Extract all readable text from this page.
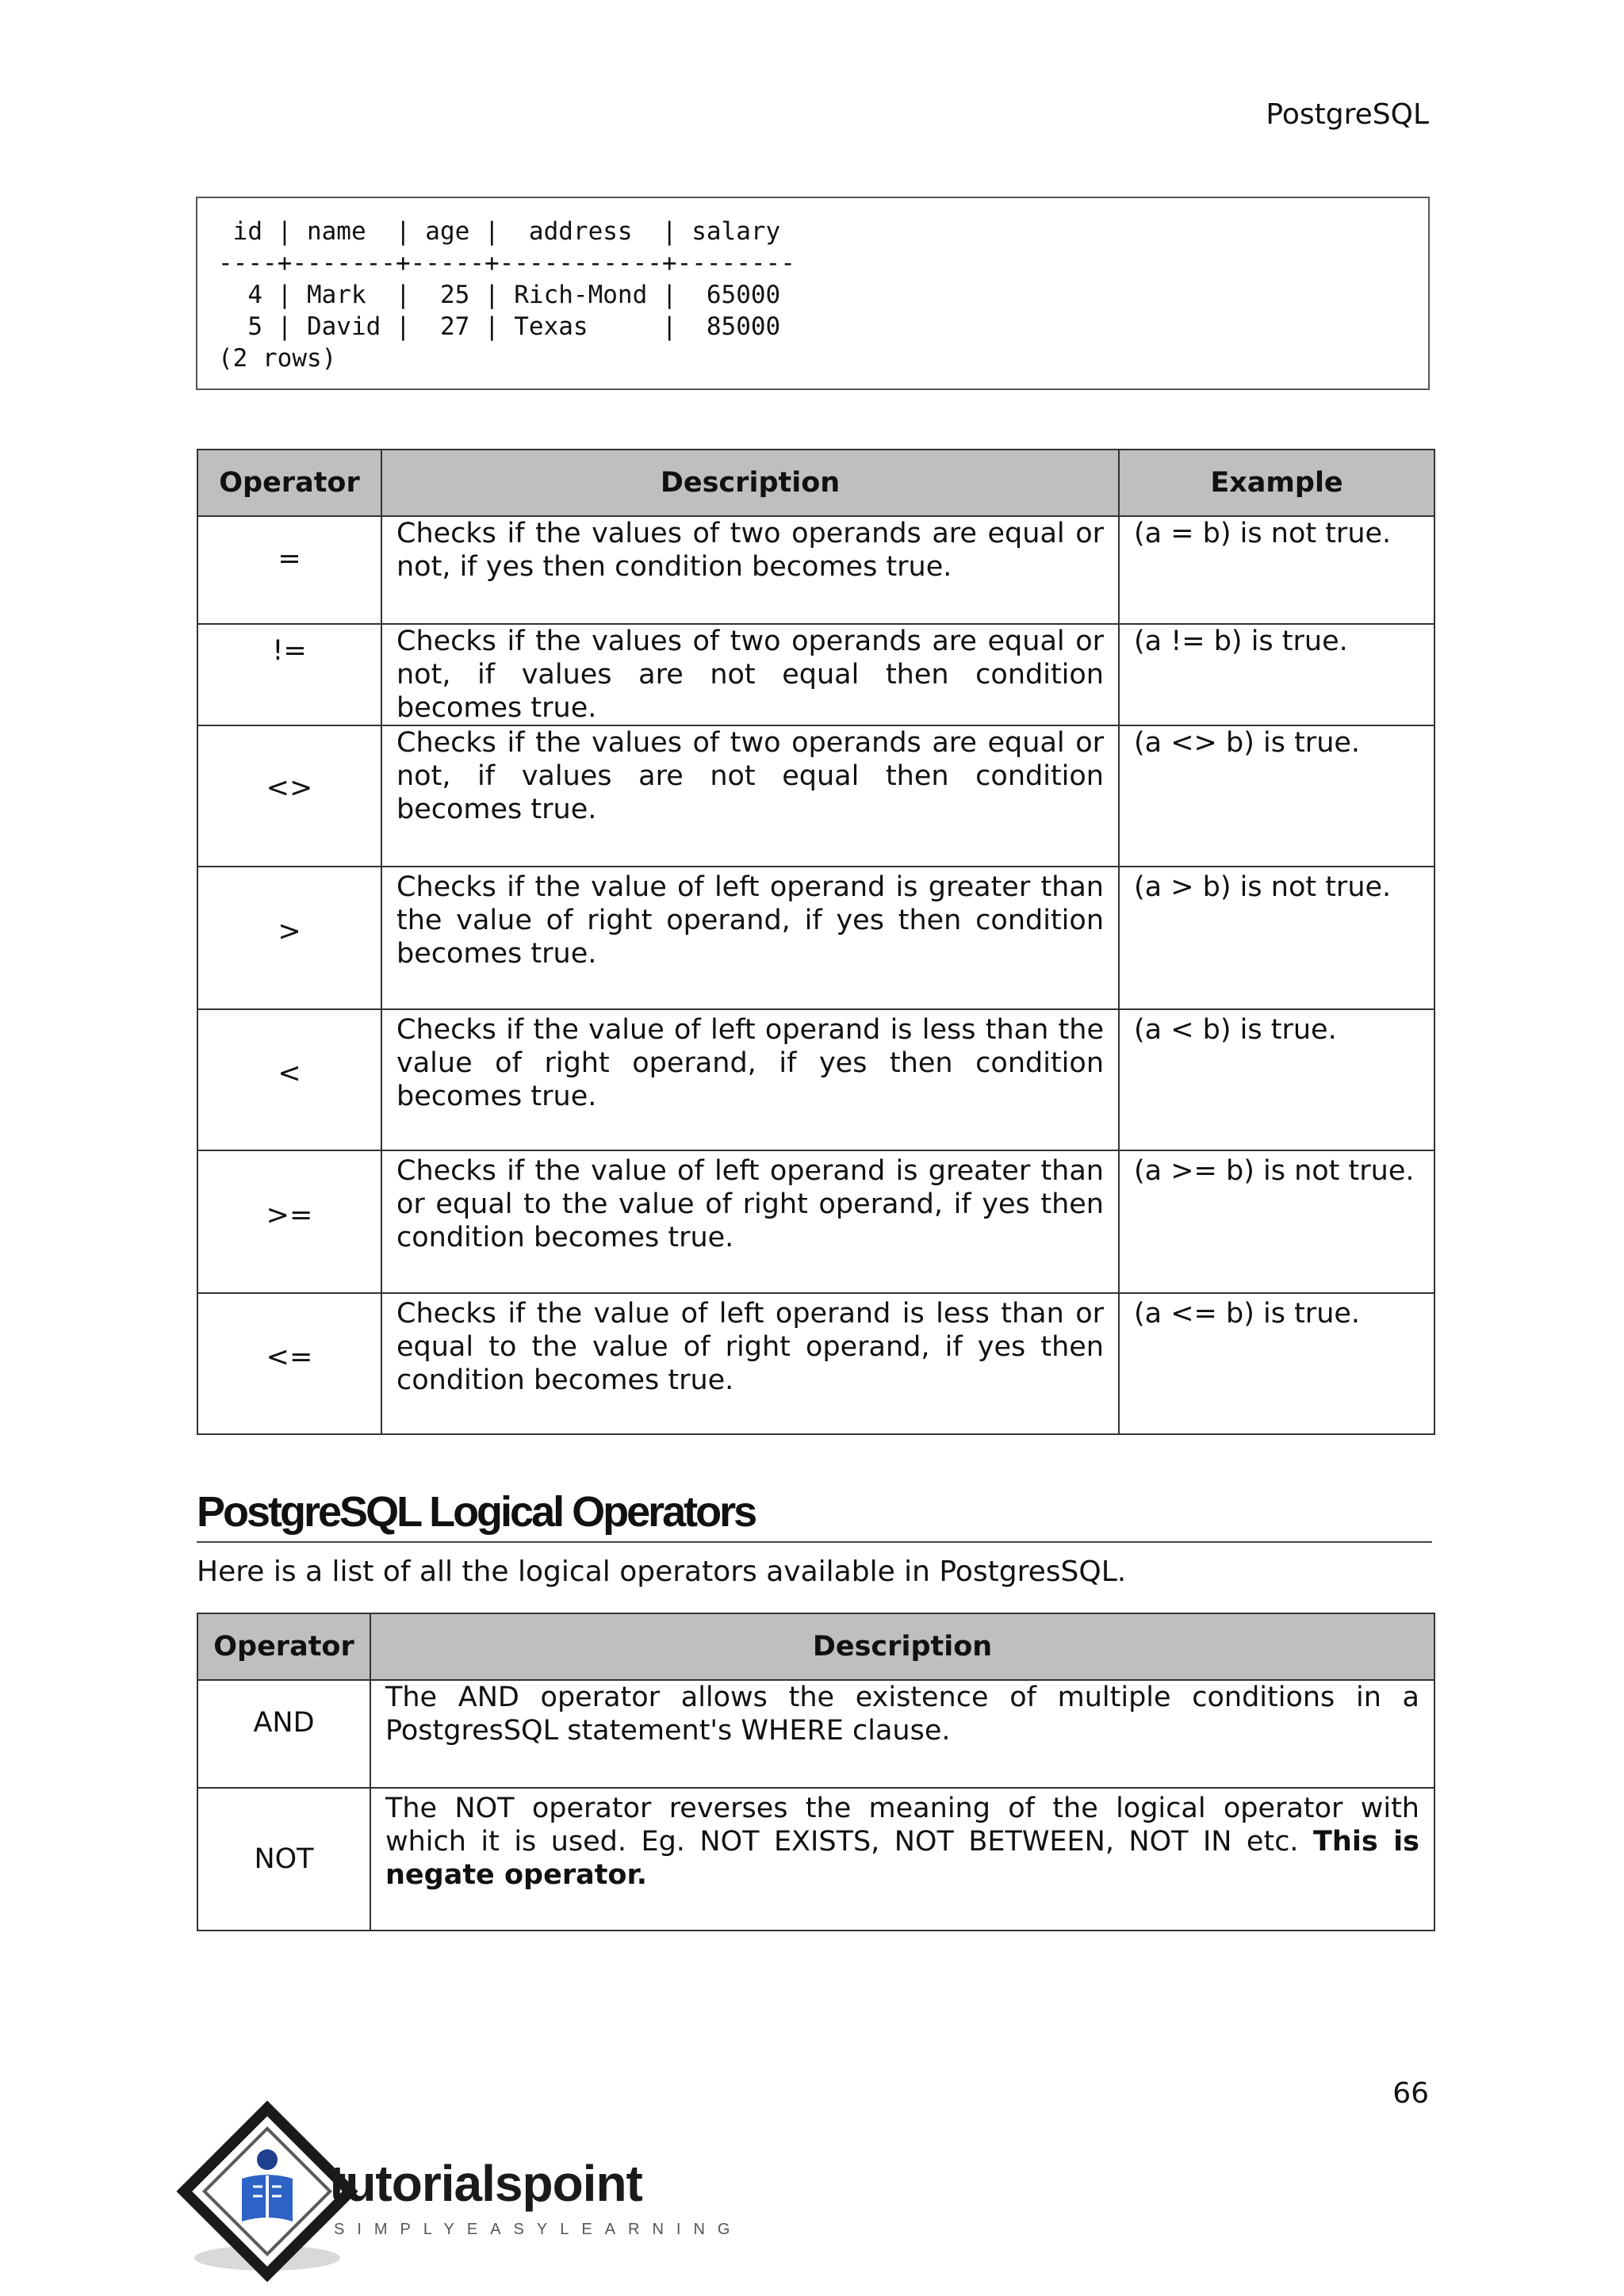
PostgreSQL
id | name  | age |  address  | salary
----+-------+-----+-----------+--------
4 | Mark  |  25 | Rich-Mond |  65000
5 | David |  27 | Texas     |  85000
(2 rows)
Operator	Description	Example
=	Checks if the values of two operands are equal or not, if yes then condition becomes true.	(a = b) is not true.
!=	Checks if the values of two operands are equal or not, if values are not equal then condition becomes true.	(a != b) is true.
<>	Checks if the values of two operands are equal or not, if values are not equal then condition becomes true.	(a <> b) is true.
>	Checks if the value of left operand is greater than the value of right operand, if yes then condition becomes true.	(a > b) is not true.
<	Checks if the value of left operand is less than the value of right operand, if yes then condition becomes true.	(a < b) is true.
>=	Checks if the value of left operand is greater than or equal to the value of right operand, if yes then condition becomes true.	(a >= b) is not true.
<=	Checks if the value of left operand is less than or equal to the value of right operand, if yes then condition becomes true.	(a <= b) is true.
PostgreSQL Logical Operators
Here is a list of all the logical operators available in PostgresSQL.
Operator	Description
AND	The AND operator allows the existence of multiple conditions in a PostgresSQL statement's WHERE clause.
NOT	The NOT operator reverses the meaning of the logical operator with which it is used. Eg. NOT EXISTS, NOT BETWEEN, NOT IN etc. This is negate operator.
66
tutorialspoint
SIMPLYEASYLEARNING
